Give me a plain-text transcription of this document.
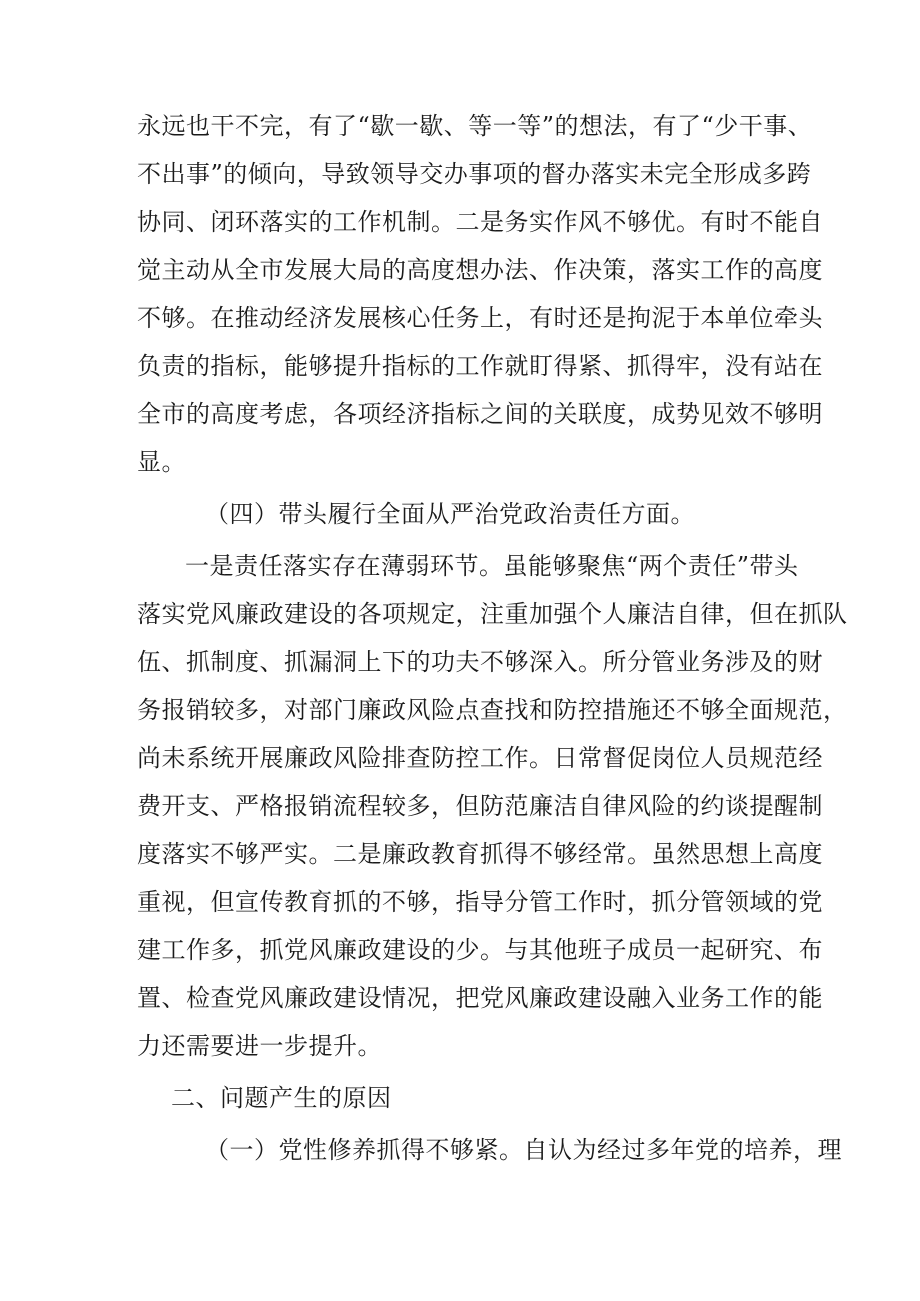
永远也干不完，有了“歇一歇、等一等”的想法，有了“少干事、
不出事”的倾向，导致领导交办事项的督办落实未完全形成多跨
协同、闭环落实的工作机制。二是务实作风不够优。有时不能自
觉主动从全市发展大局的高度想办法、作决策，落实工作的高度
不够。在推动经济发展核心任务上，有时还是拘泥于本单位牵头
负责的指标，能够提升指标的工作就盯得紧、抓得牢，没有站在
全市的高度考虑，各项经济指标之间的关联度，成势见效不够明
显。
（四）带头履行全面从严治党政治责任方面。
一是责任落实存在薄弱环节。虽能够聚焦“两个责任”带头
落实党风廉政建设的各项规定，注重加强个人廉洁自律，但在抓队
伍、抓制度、抓漏洞上下的功夫不够深入。所分管业务涉及的财
务报销较多，对部门廉政风险点查找和防控措施还不够全面规范，
尚未系统开展廉政风险排查防控工作。日常督促岗位人员规范经
费开支、严格报销流程较多，但防范廉洁自律风险的约谈提醒制
度落实不够严实。二是廉政教育抓得不够经常。虽然思想上高度
重视，但宣传教育抓的不够，指导分管工作时，抓分管领域的党
建工作多，抓党风廉政建设的少。与其他班子成员一起研究、布
置、检查党风廉政建设情况，把党风廉政建设融入业务工作的能
力还需要进一步提升。
二、问题产生的原因
（一）党性修养抓得不够紧。自认为经过多年党的培养，理
